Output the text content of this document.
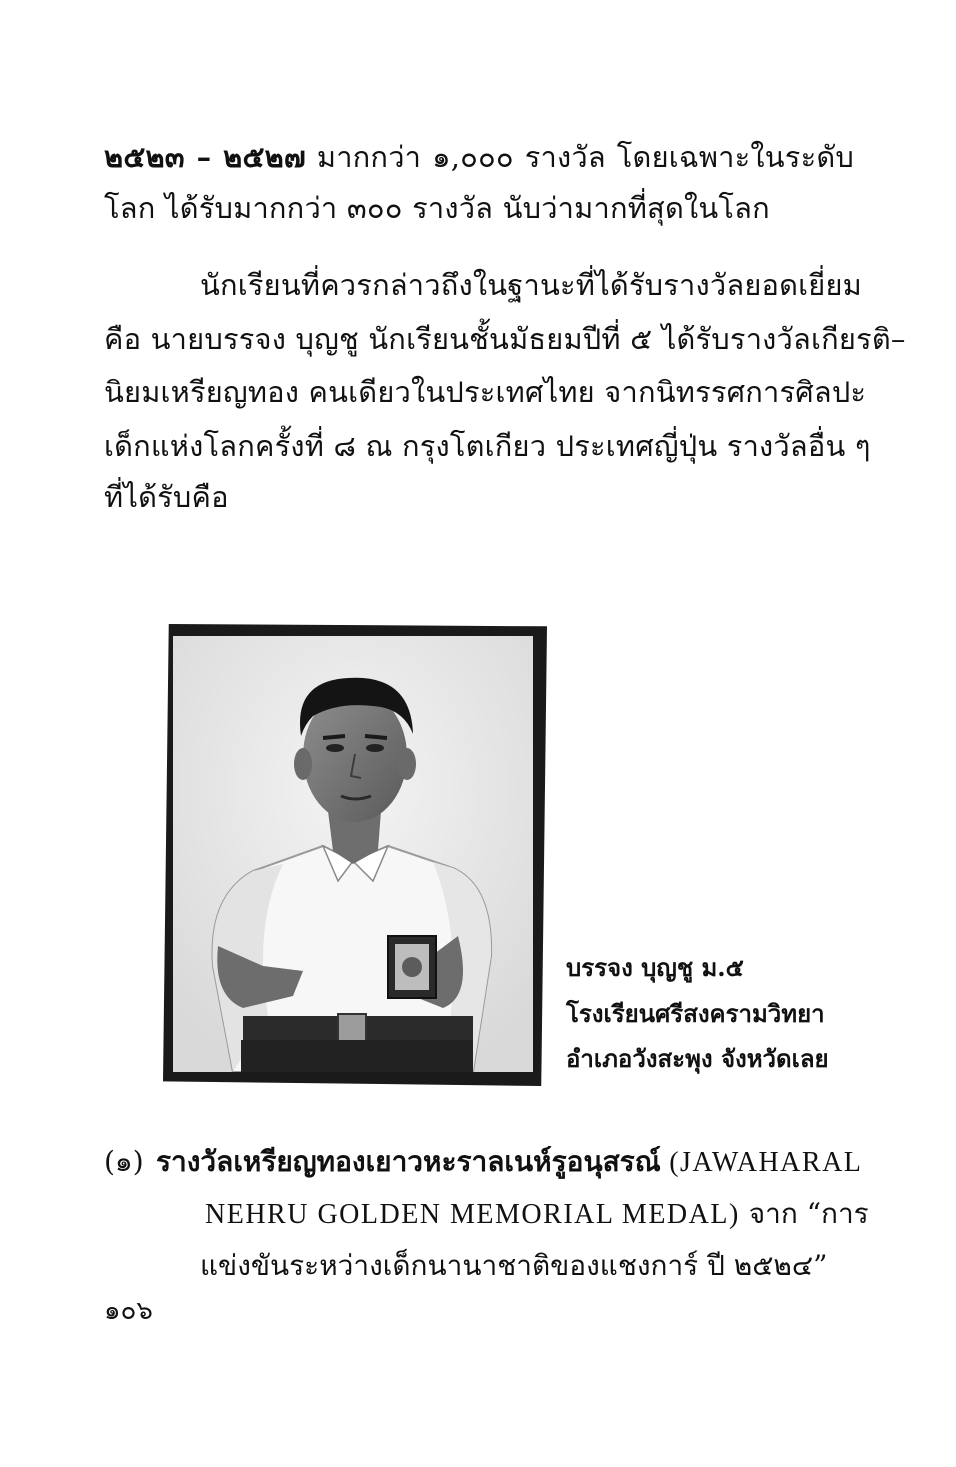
๒๕๒๓ – ๒๕๒๗ มากกว่า ๑,๐๐๐ รางวัล โดยเฉพาะในระดับ
โลก ได้รับมากกว่า ๓๐๐ รางวัล นับว่ามากที่สุดในโลก
นักเรียนที่ควรกล่าวถึงในฐานะที่ได้รับรางวัลยอดเยี่ยม
คือ นายบรรจง บุญชู นักเรียนชั้นมัธยมปีที่ ๕ ได้รับรางวัลเกียรติ–
นิยมเหรียญทอง คนเดียวในประเทศไทย จากนิทรรศการศิลปะ
เด็กแห่งโลกครั้งที่ ๘ ณ กรุงโตเกียว ประเทศญี่ปุ่น รางวัลอื่น ๆ
ที่ได้รับคือ
บรรจง บุญชู ม.๕
โรงเรียนศรีสงครามวิทยา
อำเภอวังสะพุง จังหวัดเลย
(๑) รางวัลเหรียญทองเยาวหะราลเนห์รูอนุสรณ์ (JAWAHARAL
NEHRU GOLDEN MEMORIAL MEDAL) จาก “การ
แข่งขันระหว่างเด็กนานาชาติของแชงการ์ ปี ๒๕๒๔”
๑๐๖
